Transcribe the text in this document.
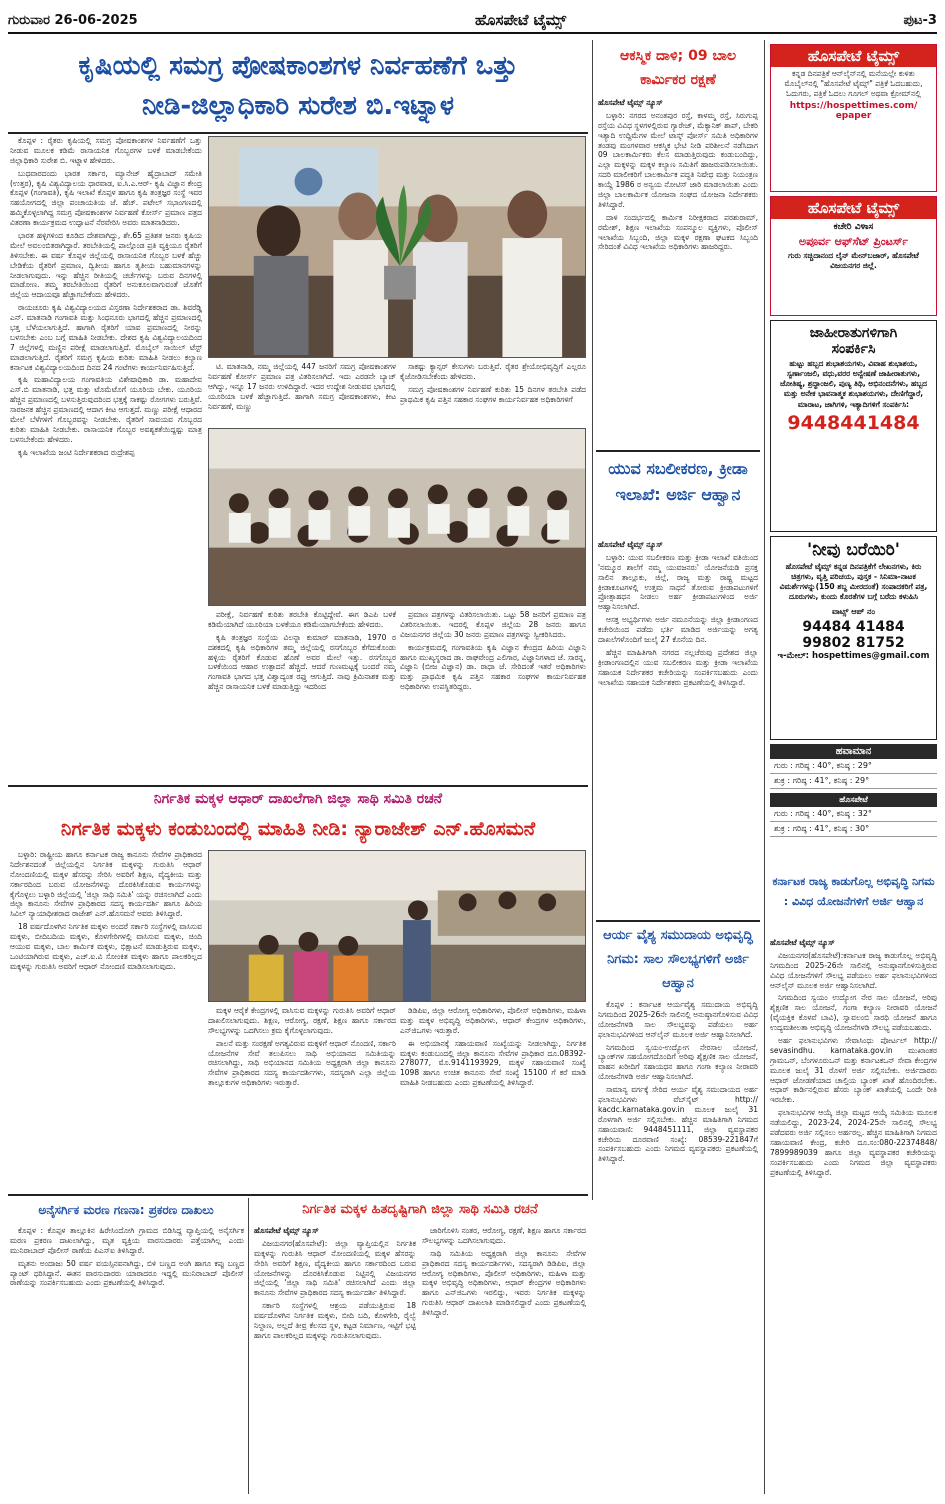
ಗುರುವಾರ 26-06-2025	ಹೊಸಪೇಟೆ ಟೈಮ್ಸ್	ಪುಟ-3
ಕೃಷಿಯಲ್ಲಿ ಸಮಗ್ರ ಪೋಷಕಾಂಶಗಳ ನಿರ್ವಹಣೆಗೆ ಒತ್ತು
ನೀಡಿ-ಜಿಲ್ಲಾಧಿಕಾರಿ ಸುರೇಶ ಬಿ.ಇಟ್ನಾಳ

ಕೊಪ್ಪಳ : ರೈತರು ಕೃಷಿಯಲ್ಲಿ ಸಮಗ್ರ ಪೋಷಕಾಂಶಗಳ ನಿರ್ವಹಣೆಗೆ ಒತ್ತು ನೀಡುವ ಮೂಲಕ ಕಡಿಮೆ ರಾಸಾಯನಿಕ ಗೊಬ್ಬರಗಳ ಬಳಕೆ ಮಾಡಬೇಕೆಂದು ಜಿಲ್ಲಾಧಿಕಾರಿ ಸುರೇಶ ಬಿ. ಇಟ್ನಾಳ ಹೇಳಿದರು.

ಬುಧವಾರದಂದು ಭಾರತ ಸರ್ಕಾರ, ಮ್ಯಾನೇಜ್ ಹೈದ್ರಾಬಾದ್ ಸಮೇತಿ (ಉತ್ತರ), ಕೃಷಿ ವಿಶ್ವವಿದ್ಯಾಲಯ ಧಾರವಾಡ, ಐ.ಸಿ.ಎ.ಆರ್- ಕೃಷಿ ವಿಜ್ಞಾನ ಕೇಂದ್ರ ಕೊಪ್ಪಳ (ಗಂಗಾವತಿ), ಕೃಷಿ ಇಲಾಖೆ ಕೊಪ್ಪಳ ಹಾಗೂ ಕೃಷಿ ತಂತ್ರಜ್ಞರ ಸಂಸ್ಥೆ ಇವರ ಸಹಯೋಗದಲ್ಲಿ ಜಿಲ್ಲಾ ಪಂಚಾಯತಿಯ ಜೆ. ಹೆಚ್. ಪಟೇಲ್ ಸಭಾಂಗಣದಲ್ಲಿ ಹಮ್ಮಿಕೊಳ್ಳಲಾಗಿದ್ದ ಸಮಗ್ರ ಪೋಷಕಾಂಶಗಳ ನಿರ್ವಹಣೆ ಕೋರ್ಸ್ ಪ್ರಮಾಣ ಪತ್ರದ ವಿತರಣಾ ಕಾರ್ಯಕ್ರಮದ ಉದ್ಘಾಟನೆ ನೆರವೇರಿಸಿ ಅವರು ಮಾತನಾಡಿದರು.

ಭಾರತ ಹಳ್ಳಿಗಳಿಂದ ಕೂಡಿದ ದೇಶವಾಗಿದ್ದು, ಶೇ.65 ಪ್ರತಿಶತ ಜನರು ಕೃಷಿಯ ಮೇಲೆ ಅವಲಂಬಿತರಾಗಿದ್ದಾರೆ. ತರಬೇತಿಯಲ್ಲಿ ಪಾಲ್ಗೊಂಡ ಪ್ರತಿ ವ್ಯಕ್ತಿಯೂ ರೈತರಿಗೆ ತಿಳಿಸಬೇಕು. ಈ ವರ್ಷ ಕೊಪ್ಪಳ ಜಿಲ್ಲೆಯಲ್ಲಿ ರಾಸಾಯನಿಕ ಗೊಬ್ಬರ ಬಳಕೆ ಹೆಚ್ಚು ಬೇಡಿಕೆಯ ರೈತರಿಗೆ ಪ್ರಮಾಣ, ದ್ವಿತೀಯ ಹಾಗೂ ತೃತೀಯ ಬಹುಮಾನಗಳನ್ನು ನೀಡಲಾಗುವುದು. ಇನ್ನು ಹೆಚ್ಚಿನ ರೀತಿಯಲ್ಲಿ ಚರ್ಚೆಗಳನ್ನು ಬರುವ ದಿನಗಳಲ್ಲಿ ಮಾಡೋಣ. ತಮ್ಮ ತರಬೇತಿಯಿಂದ ರೈತರಿಗೆ ಅನುಕೂಲವಾಗುವಂತೆ ಜೊತೆಗೆ ಜಿಲ್ಲೆಯ ಆದಾಯವೂ ಹೆಚ್ಚಾಗಬೇಕೆಂದು ಹೇಳಿದರು.

ರಾಯಚೂರು ಕೃಷಿ ವಿಶ್ವವಿದ್ಯಾಲಯದ ವಿಸ್ತರಣಾ ನಿರ್ದೇಶಕರಾದ ಡಾ. ಶಿವರೆಡ್ಡಿ ಎನ್. ಮಾತನಾಡಿ ಗಂಗಾವತಿ ಮತ್ತು ಸಿಂಧನೂರು ಭಾಗದಲ್ಲಿ ಹೆಚ್ಚಿನ ಪ್ರಮಾಣದಲ್ಲಿ ಭತ್ತ ಬೆಳೆಯಲಾಗುತ್ತಿದೆ. ಹಾಗಾಗಿ ರೈತರಿಗೆ ಯಾವ ಪ್ರಮಾಣದಲ್ಲಿ ನೀರನ್ನು ಬಳಸಬೇಕು ಎಂಬ ಬಗ್ಗೆ ಮಾಹಿತಿ ನೀಡಬೇಕು. ದೇಶದ ಕೃಷಿ ವಿಶ್ವವಿದ್ಯಾಲಯದಿಂದ 7 ಜಿಲ್ಲೆಗಳಲ್ಲಿ ಮಣ್ಣಿನ ಪರೀಕ್ಷೆ ಮಾಡಲಾಗುತ್ತಿದೆ. ಮೊಬೈಲ್ ಸಾಯಿಲ್ ಟೆಸ್ಟ್ ಮಾಡಲಾಗುತ್ತಿದೆ. ರೈತರಿಗೆ ಸಮಗ್ರ ಕೃಷಿಯ ಕುರಿತು ಮಾಹಿತಿ ನೀಡಲು ಕಲ್ಯಾಣ ಕರ್ನಾಟಕ ವಿಶ್ವವಿದ್ಯಾಲಯದಿಂದ ದಿನದ 24 ಗಂಟೆಗಳು ಕಾರ್ಯನಿರ್ವಹಿಸುತ್ತಿದೆ.

ಕೃಷಿ ಮಹಾವಿದ್ಯಾಲಯ ಗಂಗಾವತಿಯ ವಿಶೇಷಾಧಿಕಾರಿ ಡಾ. ಮಹಾದೇವ ಎಸ್.ಬಿ ಮಾತನಾಡಿ, ಭತ್ತ ಮತ್ತು ಟೊಮೆಟೊಗೆ ಯೂರಿಯ ಬೇಕು. ಯೂರಿಯ ಹೆಚ್ಚಿನ ಪ್ರಮಾಣದಲ್ಲಿ ಬಳಸುತ್ತಿರುವುದರಿಂದ ಭತ್ತಕ್ಕೆ ಸಾಕಷ್ಟು ರೋಗಗಳು ಬರುತ್ತಿವೆ. ಸಾರಜನಕ ಹೆಚ್ಚಿನ ಪ್ರಮಾಣದಲ್ಲಿ ಆದಾಗ ಕೀಟ ಆಗುತ್ತದೆ. ಮಣ್ಣು ಪರೀಕ್ಷೆ ಆಧಾರದ ಮೇಲೆ ಬೆಳೆಗಳಿಗೆ ಗೊಬ್ಬರವನ್ನು ನೀಡಬೇಕು. ರೈತರಿಗೆ ಸಾವಯವ ಗೊಬ್ಬರದ ಕುರಿತು ಮಾಹಿತಿ ನೀಡಬೇಕು. ರಾಸಾಯನಿಕ ಗೊಬ್ಬರ ಅವಶ್ಯಕತೆಯಿದ್ದಷ್ಟು ಮಾತ್ರ ಬಳಸಬೇಕೆಂದು ಹೇಳಿದರು.

ಕೃಷಿ ಇಲಾಖೆಯ ಜಂಟಿ ನಿರ್ದೇಶಕರಾದ ರುದ್ರೇಶಪ್ಪ

ಟಿ. ಮಾತನಾಡಿ, ನಮ್ಮ ಜಿಲ್ಲೆಯಲ್ಲಿ 447 ಜನರಿಗೆ ಸಮಗ್ರ ಪೋಷಕಾಂಶಗಳ ನಿರ್ವಹಣೆ ಕೋರ್ಸ್ ಪ್ರಮಾಣ ಪತ್ರ ವಿತರಿಸಲಾಗಿದೆ. ಇದು ಎರಡನೇ ಬ್ಯಾಚ್ ಆಗಿದ್ದು, ಇನ್ನೂ 17 ಜನರು ಉಳಿದಿದ್ದಾರೆ. ಇದರ ಉದ್ದೇಶ ನೀಡುವವ ಭಾಗದಲ್ಲಿ ಯೂರಿಯಾ ಬಳಕೆ ಹೆಚ್ಚಾಗುತ್ತಿದೆ. ಹಾಗಾಗಿ ಸಮಗ್ರ ಪೋಷಕಾಂಶಗಳು, ಕೀಟ ನಿರ್ವಹಣೆ, ಮಣ್ಣು

ಸಾಕಷ್ಟು ಕ್ಯಾನ್ಸರ್ ಕೇಸುಗಳು ಬರುತ್ತಿವೆ. ರೈತರ ಶ್ರೇಯೋಭಿವೃದ್ಧಿಗೆ ಎಲ್ಲರೂ ಕೈಜೋಡಿಸಬೇಕೆಂದು ಹೇಳಿದರು.

ಸಮಗ್ರ ಪೋಷಕಾಂಶಗಳ ನಿರ್ವಹಣೆ ಕುರಿತು 15 ದಿನಗಳ ತರಬೇತಿ ಪಡೆದ ಪ್ರಾಥಮಿಕ ಕೃಷಿ ಪತ್ತಿನ ಸಹಕಾರ ಸಂಘಗಳ ಕಾರ್ಯನಿರ್ವಹಕ ಅಧಿಕಾರಿಗಳಿಗೆ

ಪರೀಕ್ಷೆ, ನಿರ್ವಹಣೆ ಕುರಿತು ತರಬೇತಿ ಕೊಟ್ಟಿದ್ದೇವೆ. ಈಗ ಡಿಎಪಿ ಬಳಕೆ ಕಡಿಮೆಯಾಗಿದೆ ಯೂರಿಯಾ ಬಳಕೆಯೂ ಕಡಿಮೆಯಾಗಬೇಕೆಂದು ಹೇಳಿದರು.

ಕೃಷಿ ತಂತ್ರಜ್ಞರ ಸಂಸ್ಥೆಯ ವಿಲನ್ನಾ ಕುಮಾರ್ ಮಾತನಾಡಿ, 1970 ರ ದಶಕದಲ್ಲಿ ಕೃಷಿ ಅಧಿಕಾರಿಗಳ ತಮ್ಮ ಜಿಲ್ಲೆಯಲ್ಲಿ ರಸಗೊಬ್ಬರ ಕೆಗೆದುಕೊಂಡು ಹಳ್ಳಿಯ ರೈತರಿಗೆ ಕೊಡುವ ಹೊಣೆ ಅವರ ಮೇಲೆ ಇತ್ತು. ರಸಗೊಬ್ಬರ ಬಳಕೆಯಿಂದ ಆಹಾರ ಉತ್ಪಾದನೆ ಹೆಚ್ಚಿದೆ. ಆದರೆ ಗುಣಮಟ್ಟಕ್ಕೆ ಬಂದರೆ ನಮ್ಮ ಗಂಗಾವತಿ ಭಾಗದ ಭತ್ತ ವಿಶ್ವಾದ್ಯಂತ ರಫ್ತು ಆಗುತ್ತಿದೆ. ನಾವು ಕ್ರಿಮಿನಾಶಕ ಮತ್ತು ಹೆಚ್ಚಿನ ರಾಸಾಯನಿಕ ಬಳಕೆ ಮಾಡುತ್ತಿದ್ದು ಇದರಿಂದ

ಪ್ರಮಾಣ ಪತ್ರಗಳನ್ನು ವಿತರಿಸಲಾಯಿತು. ಒಟ್ಟು 58 ಜನರಿಗೆ ಪ್ರಮಾಣ ಪತ್ರ ವಿತರಿಸಲಾಯಿತು. ಇದರಲ್ಲಿ ಕೊಪ್ಪಳ ಜಿಲ್ಲೆಯ 28 ಜನರು ಹಾಗೂ ವಿಜಯನಗರ ಜಿಲ್ಲೆಯ 30 ಜನರು ಪ್ರಮಾಣ ಪತ್ರಗಳನ್ನು ಸ್ವೀಕರಿಸಿದರು.

ಕಾರ್ಯಕ್ರಮದಲ್ಲಿ ಗಂಗಾವತಿಯ ಕೃಷಿ ವಿಜ್ಞಾನ ಕೇಂದ್ರದ ಹಿರಿಯ ವಿಜ್ಞಾನಿ ಹಾಗೂ ಮುಖ್ಯಸ್ಥರಾದ ಡಾ. ರಾಘವೇಂದ್ರ ಎಲಿಗಾರ, ವಿಜ್ಞಾನಿಗಳಾದ ಜೆ. ಸಾರನ್ನ, ವಿಜ್ಞಾನಿ (ಬೀಜ ವಿಜ್ಞಾನ) ಡಾ. ರಾಧಾ ಜೆ. ಸೇರಿದಂತೆ ಇತರೆ ಅಧಿಕಾರಿಗಳು ಮತ್ತು ಪ್ರಾಥಮಿಕ ಕೃಷಿ ಪತ್ತಿನ ಸಹಕಾರ ಸಂಘಗಳ ಕಾರ್ಯನಿರ್ವಹಕ ಅಧಿಕಾರಿಗಳು ಉಪಸ್ಥಿತರಿದ್ದರು.

ಆಕಸ್ಮಿಕ ದಾಳಿ; 09 ಬಾಲ ಕಾರ್ಮಿಕರ ರಕ್ಷಣೆ

ಹೊಸಪೇಟೆ ಟೈಮ್ಸ್ ನ್ಯೂಸ್

ಬಳ್ಳಾರಿ: ನಗರದ ಅನಂತಪುರ ರಸ್ತೆ, ಕಾಳಮ್ಮ ರಸ್ತೆ, ಸಿರುಗುಪ್ಪ ರಸ್ತೆಯ ವಿವಿಧ ಸ್ಥಳಗಳಲ್ಲಿರುವ ಗ್ಯಾರೇಜ್, ಮೆಕ್ಯಾನಿಕ್ ಶಾಪ್, ಬೇಕರಿ ಇತ್ಯಾದಿ ಉದ್ದಿಮೆಗಳ ಮೇಲೆ ಟಾಸ್ಕ್ ಪೋರ್ಸ್ ಸಮಿತಿ ಅಧಿಕಾರಿಗಳ ತಂಡವು ಮಂಗಳವಾರ ಆಕಸ್ಮಿಕ ಭೇಟಿ ನೀಡಿ ಪರಿಶೀಲನೆ ನಡೆಸಿದಾಗ 09 ಬಾಲಕಾರ್ಮಿಕರು ಕೆಲಸ ಮಾಡುತ್ತಿರುವುದು ಕಂಡುಬಂದಿದ್ದು, ಎಲ್ಲಾ ಮಕ್ಕಳನ್ನು ಮಕ್ಕಳ ಕಲ್ಯಾಣ ಸಮಿತಿಗೆ ಹಾಜರುಪಡಿಸಲಾಯಿತು. ಸದರಿ ಮಾಲೀಕರಿಗೆ ಬಾಲಕಾರ್ಮಿಕ ಪದ್ಧತಿ ನಿಷೇಧ ಮತ್ತು ನಿಯಂತ್ರಣ ಕಾಯ್ದೆ 1986 ರ ಅನ್ವಯ ನೋಟಿಸ್ ಜಾರಿ ಮಾಡಲಾಯಿತು ಎಂದು ಜಿಲ್ಲಾ ಬಾಲಕಾರ್ಮಿಕ ಯೋಜನಾ ಸಂಘದ ಯೋಜನಾ ನಿರ್ದೇಶಕರು ತಿಳಿಸಿದ್ದಾರೆ.

ದಾಳಿ ಸಂದರ್ಭದಲ್ಲಿ ಕಾರ್ಮಿಕ ನಿರೀಕ್ಷಕರಾದ ಪರಶುರಾಮ್, ರಮೇಶ್, ಶಿಕ್ಷಣ ಇಲಾಖೆಯ ಸಂಪನ್ಮೂಲ ವ್ಯಕ್ತಿಗಳು, ಪೊಲೀಸ್ ಇಲಾಖೆಯ ಸಿಬ್ಬಂದಿ, ಜಿಲ್ಲಾ ಮಕ್ಕಳ ರಕ್ಷಣಾ ಘಟಕದ ಸಿಬ್ಬಂದಿ ಸೇರಿದಂತೆ ವಿವಿಧ ಇಲಾಖೆಯ ಅಧಿಕಾರಿಗಳು ಹಾಜರಿದ್ದರು.

ಯುವ ಸಬಲೀಕರಣ, ಕ್ರೀಡಾ ಇಲಾಖೆ: ಅರ್ಜಿ ಆಹ್ವಾನ

ಹೊಸಪೇಟೆ ಟೈಮ್ಸ್ ನ್ಯೂಸ್

ಬಳ್ಳಾರಿ: ಯುವ ಸಬಲೀಕರಣ ಮತ್ತು ಕ್ರೀಡಾ ಇಲಾಖೆ ವತಿಯಿಂದ 'ನಮ್ಮೂರ ಶಾಲೆಗೆ ನಮ್ಮ ಯುವಜನರು' ಯೋಜನೆಯಡಿ ಪ್ರಸಕ್ತ ಸಾಲಿನ ತಾಲ್ಲೂಕು, ಜಿಲ್ಲೆ, ರಾಜ್ಯ ಮತ್ತು ರಾಷ್ಟ್ರ ಮಟ್ಟದ ಕ್ರೀಡಾಕೂಟಗಳಲ್ಲಿ ಉತ್ತಮ ಸಾಧನೆ ತೋರುವ ಕ್ರೀಡಾಪಟುಗಳಿಗೆ ಪ್ರೋತ್ಸಾಹಧನ ನೀಡಲು ಅರ್ಹ ಕ್ರೀಡಾಪಟುಗಳಿಂದ ಅರ್ಜಿ ಆಹ್ವಾನಿಸಲಾಗಿದೆ.

ಆಸಕ್ತ ಅಭ್ಯರ್ಥಿಗಳು ಅರ್ಜಿ ನಮೂನೆಯನ್ನು ಜಿಲ್ಲಾ ಕ್ರೀಡಾಂಗಣದ ಕಚೇರಿಯಿಂದ ಪಡೆದು ಭರ್ತಿ ಮಾಡಿದ ಅರ್ಜಿಯನ್ನು ಅಗತ್ಯ ದಾಖಲೆಗಳೊಂದಿಗೆ ಜುಲೈ 27 ಕೊನೆಯ ದಿನ.

ಹೆಚ್ಚಿನ ಮಾಹಿತಿಗಾಗಿ ನಗರದ ನಲ್ಲಚೆರುವು ಪ್ರದೇಶದ ಜಿಲ್ಲಾ ಕ್ರೀಡಾಂಗಣದಲ್ಲಿನ ಯುವ ಸಬಲೀಕರಣ ಮತ್ತು ಕ್ರೀಡಾ ಇಲಾಖೆಯ ಸಹಾಯಕ ನಿರ್ದೇಶಕರ ಕಚೇರಿಯನ್ನು ಸಂಪರ್ಕಿಸಬಹುದು ಎಂದು ಇಲಾಖೆಯ ಸಹಾಯಕ ನಿರ್ದೇಶಕರು ಪ್ರಕಟಣೆಯಲ್ಲಿ ತಿಳಿಸಿದ್ದಾರೆ.

ಆರ್ಯ ವೈಶ್ಯ ಸಮುದಾಯ ಅಭಿವೃದ್ಧಿ ನಿಗಮ: ಸಾಲ ಸೌಲಭ್ಯಗಳಿಗೆ ಅರ್ಜಿ ಆಹ್ವಾನ

ಕೊಪ್ಪಳ : ಕರ್ನಾಟಕ ಆರ್ಯವೈಶ್ಯ ಸಮುದಾಯ ಅಭಿವೃದ್ಧಿ ನಿಗಮದಿಂದ 2025-26ನೇ ಸಾಲಿನಲ್ಲಿ ಅನುಷ್ಠಾನಗೊಳಿಸುವ ವಿವಿಧ ಯೋಜನೆಗಳಡಿ ಸಾಲ ಸೌಲಭ್ಯವನ್ನು ಪಡೆಯಲು ಅರ್ಹ ಫಲಾನುಭವಿಗಳಿಂದ ಆನ್‌ಲೈನ್ ಮೂಲಕ ಅರ್ಜಿ ಆಹ್ವಾನಿಸಲಾಗಿದೆ.

ನಿಗಮದಿಂದ ಸ್ವಯಂ-ಉದ್ಯೋಗ ನೇರಸಾಲ ಯೋಜನೆ, ಬ್ಯಾಂಕ್‌ಗಳ ಸಹಯೋಗದೊಂದಿಗೆ ಅರಿವು ಶೈಕ್ಷಣಿಕ ಸಾಲ ಯೋಜನೆ, ವಾಹನ ಖರೀದಿಗೆ ಸಹಾಯಧನ ಹಾಗೂ ಗಂಗಾ ಕಲ್ಯಾಣ ನೀರಾವರಿ ಯೋಜನೆಗಳಡಿ ಅರ್ಜಿ ಆಹ್ವಾನಿಸಲಾಗಿದೆ.

ಸಾಮಾನ್ಯ ವರ್ಗಕ್ಕೆ ಸೇರಿದ ಆರ್ಯ ವೈಶ್ಯ ಸಮುದಾಯದ ಅರ್ಹ ಫಲಾನುಭವಿಗಳು ವೆಬ್‌ಸೈಟ್ http:// kacdc.karnataka.gov.in ಮೂಲಕ ಜುಲೈ 31 ರೊಳಗಾಗಿ ಅರ್ಜಿ ಸಲ್ಲಿಸಬೇಕು. ಹೆಚ್ಚಿನ ಮಾಹಿತಿಗಾಗಿ ನಿಗಮದ ಸಹಾಯವಾಣಿ: 9448451111, ಜಿಲ್ಲಾ ವ್ಯವಸ್ಥಾಪಕರ ಕಚೇರಿಯ ದೂರವಾಣಿ ಸಂಖ್ಯೆ: 08539-221847ಗೆ ಸಂಪರ್ಕಿಸಬಹುದು ಎಂದು ನಿಗಮದ ವ್ಯವಸ್ಥಾಪಕರು ಪ್ರಕಟಣೆಯಲ್ಲಿ ತಿಳಿಸಿದ್ದಾರೆ.

ನಿರ್ಗತಿಕ ಮಕ್ಕಳ ಆಧಾರ್ ದಾಖಲೆಗಾಗಿ ಜಿಲ್ಲಾ ಸಾಥಿ ಸಮಿತಿ ರಚನೆ
ನಿರ್ಗತಿಕ ಮಕ್ಕಳು ಕಂಡುಬಂದಲ್ಲಿ ಮಾಹಿತಿ ನೀಡಿ: ನ್ಯಾರಾಜೇಶ್ ಎನ್.ಹೊಸಮನೆ

ಬಳ್ಳಾರಿ: ರಾಷ್ಟ್ರೀಯ ಹಾಗೂ ಕರ್ನಾಟಕ ರಾಜ್ಯ ಕಾನೂನು ಸೇವೆಗಳ ಪ್ರಾಧಿಕಾರದ ನಿರ್ದೇಶನದಂತೆ ಜಿಲ್ಲೆಯಲ್ಲಿನ ನಿರ್ಗತಿಕ ಮಕ್ಕಳನ್ನು ಗುರುತಿಸಿ ಆಧಾರ್ ನೋಂದಣಿಯಲ್ಲಿ ಮಕ್ಕಳ ಹೆಸರನ್ನು ಸೇರಿಸಿ ಅವರಿಗೆ ಶಿಕ್ಷಣ, ವೈದ್ಯಕೀಯ ಮತ್ತು ಸರ್ಕಾರದಿಂದ ಬರುವ ಯೋಜನೆಗಳನ್ನು ದೊರಕಿಸಿಕೊಡುವ ಕಾರ್ಯಗಳನ್ನು ಕೈಗೊಳ್ಳಲು ಬಳ್ಳಾರಿ ಜಿಲ್ಲೆಯಲ್ಲಿ 'ಜಿಲ್ಲಾ ಸಾಥಿ ಸಮಿತಿ' ಯನ್ನು ರಚಿಸಲಾಗಿದೆ ಎಂದು ಜಿಲ್ಲಾ ಕಾನೂನು ಸೇವೆಗಳ ಪ್ರಾಧಿಕಾರದ ಸದಸ್ಯ ಕಾರ್ಯದರ್ಶಿ ಹಾಗೂ ಹಿರಿಯ ಸಿವಿಲ್ ನ್ಯಾಯಾಧೀಶರಾದ ರಾಜೇಶ್ ಎನ್.ಹೊಸಮನೆ ಅವರು ತಿಳಿಸಿದ್ದಾರೆ.

18 ವರ್ಷದೊಳಗಿನ ನಿರ್ಗತಿಕ ಮಕ್ಕಳು ಅಂದರೆ ಸರ್ಕಾರಿ ಸಂಸ್ಥೆಗಳಲ್ಲಿ ವಾಸಿಸುವ ಮಕ್ಕಳು, ಬೀದಿಬದಿಯ ಮಕ್ಕಳು, ಕೊಳಗೇರಿಗಳಲ್ಲಿ ವಾಸಿಸುವ ಮಕ್ಕಳು, ಚಿಂದಿ ಆಯುವ ಮಕ್ಕಳು, ಬಾಲ ಕಾರ್ಮಿಕ ಮಕ್ಕಳು, ಭಿಕ್ಷಾಟನೆ ಮಾಡುತ್ತಿರುವ ಮಕ್ಕಳು, ಒಂಟಿಯಾಗಿರುವ ಮಕ್ಕಳು, ಎಚ್.ಐ.ವಿ ಸೋಂಕಿತ ಮಕ್ಕಳು ಹಾಗೂ ಪಾಲಕರಿಲ್ಲದ ಮಕ್ಕಳನ್ನು ಗುರುತಿಸಿ ಅವರಿಗೆ ಆಧಾರ್ ನೋಂದಣಿ ಮಾಡಿಸಲಾಗುವುದು.

ಮಕ್ಕಳ ಆರೈಕೆ ಕೇಂದ್ರಗಳಲ್ಲಿ ವಾಸಿಸುವ ಮಕ್ಕಳನ್ನು ಗುರುತಿಸಿ ಅವರಿಗೆ ಆಧಾರ್ ದಾಖಲಿಸಲಾಗುವುದು. ಶಿಕ್ಷಣ, ಆರೋಗ್ಯ, ರಕ್ಷಣೆ, ಶಿಕ್ಷಣ ಹಾಗೂ ಸರ್ಕಾರದ ಸೌಲಭ್ಯಗಳನ್ನು ಒದಗಿಸಲು ಕ್ರಮ ಕೈಗೊಳ್ಳಲಾಗುವುದು.

ಪಾಲನೆ ಮತ್ತು ಸಂರಕ್ಷಣೆ ಅಗತ್ಯವಿರುವ ಮಕ್ಕಳಿಗೆ ಆಧಾರ್ ನೊಂದಣಿ, ಸರ್ಕಾರಿ ಯೋಜನೆಗಳ ಸೇವೆ ತಲುಪಿಸಲು ಸಾಥಿ ಅಭಿಯಾನದ ಸಮಿತಿಯನ್ನು ರಚಿಸಲಾಗಿದ್ದು, ಸಾಥಿ ಅಭಿಯಾನದ ಸಮಿತಿಯ ಅಧ್ಯಕ್ಷರಾಗಿ ಜಿಲ್ಲಾ ಕಾನೂನು ಸೇವೆಗಳ ಪ್ರಾಧಿಕಾರದ ಸದಸ್ಯ ಕಾರ್ಯದರ್ಶಿಗಳು, ಸದಸ್ಯರಾಗಿ ಎಲ್ಲಾ ಜಿಲ್ಲೆಯ ತಾಲ್ಲೂಕುಗಳ ಅಧಿಕಾರಿಗಳು ಇರುತ್ತಾರೆ.

ಡಿಡಿಪಿಐ, ಜಿಲ್ಲಾ ಆರೋಗ್ಯ ಅಧಿಕಾರಿಗಳು, ಪೊಲೀಸ್ ಅಧಿಕಾರಿಗಳು, ಮಹಿಳಾ ಮತ್ತು ಮಕ್ಕಳ ಅಭಿವೃದ್ಧಿ ಅಧಿಕಾರಿಗಳು, ಆಧಾರ್ ಕೇಂದ್ರಗಳ ಅಧಿಕಾರಿಗಳು, ಎನ್‌ಜಿಒಗಳು ಇರುತ್ತಾರೆ.

ಈ ಅಭಿಯಾನಕ್ಕೆ ಸಹಾಯವಾಣಿ ಸಂಖ್ಯೆಯನ್ನು ನೀಡಲಾಗಿದ್ದು, ನಿರ್ಗತಿಕ ಮಕ್ಕಳು ಕಂಡುಬಂದಲ್ಲಿ ಜಿಲ್ಲಾ ಕಾನೂನು ಸೇವೆಗಳ ಪ್ರಾಧಿಕಾರ ದೂ.08392-278077, ಮೊ.9141193929, ಮಕ್ಕಳ ಸಹಾಯವಾಣಿ ಸಂಖ್ಯೆ 1098 ಹಾಗೂ ಉಚಿತ ಕಾನೂನು ಸೇವೆ ಸಂಖ್ಯೆ 15100 ಗೆ ಕರೆ ಮಾಡಿ ಮಾಹಿತಿ ನೀಡಬಹುದು ಎಂದು ಪ್ರಕಟಣೆಯಲ್ಲಿ ತಿಳಿಸಿದ್ದಾರೆ.

ಅನೈಸರ್ಗಿಕ ಮರಣ ಗಣನಾ: ಪ್ರಕರಣ ದಾಖಲು

ಕೊಪ್ಪಳ : ಕೊಪ್ಪಳ ತಾಲ್ಲೂಕಿನ ಹಿರೇಸಿಂದೋಗಿ ಗ್ರಾಮದ ಬಿಡಿಸಿದ್ದ ವ್ಯಾಪ್ತಿಯಲ್ಲಿ ಅನೈಸರ್ಗಿಕ ಮರಣ ಪ್ರಕರಣ ದಾಖಲಾಗಿದ್ದು, ಮೃತ ವ್ಯಕ್ತಿಯ ವಾರಸುದಾರರು ಪತ್ತೆಯಾಗಿಲ್ಲ ಎಂದು ಮುನಿರಾಬಾದ್ ಪೊಲೀಸ್ ಠಾಣೆಯ ಪಿಎಸ್‌ಐ ತಿಳಿಸಿದ್ದಾರೆ.

ಮೃತನು ಅಂದಾಜು 50 ವರ್ಷ ವಯಸ್ಸಿನವನಾಗಿದ್ದು, ಬಿಳಿ ಬಣ್ಣದ ಅಂಗಿ ಹಾಗೂ ಕಪ್ಪು ಬಣ್ಣದ ಪ್ಯಾಂಟ್ ಧರಿಸಿದ್ದಾನೆ. ಈತನ ವಾರಸುದಾರರು ಯಾರಾದರೂ ಇದ್ದಲ್ಲಿ ಮುನಿರಾಬಾದ್ ಪೊಲೀಸ್ ಠಾಣೆಯನ್ನು ಸಂಪರ್ಕಿಸಬಹುದು ಎಂದು ಪ್ರಕಟಣೆಯಲ್ಲಿ ತಿಳಿಸಿದ್ದಾರೆ.

ನಿರ್ಗತಿಕ ಮಕ್ಕಳ ಹಿತದೃಷ್ಟಿಗಾಗಿ ಜಿಲ್ಲಾ ಸಾಥಿ ಸಮಿತಿ ರಚನೆ

ಹೊಸಪೇಟೆ ಟೈಮ್ಸ್ ನ್ಯೂಸ್

ವಿಜಯನಗರ(ಹೊಸಪೇಟೆ): ಜಿಲ್ಲಾ ವ್ಯಾಪ್ತಿಯಲ್ಲಿನ ನಿರ್ಗತಿಕ ಮಕ್ಕಳನ್ನು ಗುರುತಿಸಿ ಆಧಾರ್ ನೋಂದಣಿಯಲ್ಲಿ ಮಕ್ಕಳ ಹೆಸರನ್ನು ಸೇರಿಸಿ ಅವರಿಗೆ ಶಿಕ್ಷಣ, ವೈದ್ಯಕೀಯ ಹಾಗೂ ಸರ್ಕಾರದಿಂದ ಬರುವ ಯೋಜನೆಗಳನ್ನು ದೊರಕಿಸಿಕೊಡುವ ನಿಟ್ಟಿನಲ್ಲಿ ವಿಜಯನಗರ ಜಿಲ್ಲೆಯಲ್ಲಿ 'ಜಿಲ್ಲಾ ಸಾಥಿ ಸಮಿತಿ' ರಚಿಸಲಾಗಿದೆ ಎಂದು ಜಿಲ್ಲಾ ಕಾನೂನು ಸೇವೆಗಳ ಪ್ರಾಧಿಕಾರದ ಸದಸ್ಯ ಕಾರ್ಯದರ್ಶಿ ತಿಳಿಸಿದ್ದಾರೆ.

ಸರ್ಕಾರಿ ಸಂಸ್ಥೆಗಳಲ್ಲಿ ಆಶ್ರಯ ಪಡೆಯುತ್ತಿರುವ 18 ವರ್ಷದೊಳಗಿನ ನಿರ್ಗತಿಕ ಮಕ್ಕಳು, ಬೀದಿ ಬದಿ, ಕೊಳಗೇರಿ, ರೈಲ್ವೆ ನಿಲ್ದಾಣ, ಅಲ್ಲದೆ ತೀವ್ರ ಕೆಲಸದ ಸ್ಥಳ, ಕಟ್ಟಡ ನಿರ್ಮಾಣ, ಇಟ್ಟಿಗೆ ಭಟ್ಟಿ ಹಾಗೂ ಪಾಲಕರಿಲ್ಲದ ಮಕ್ಕಳನ್ನು ಗುರುತಿಸಲಾಗುವುದು.

ಜಾರಿಗೊಳಿಸಿ ನಂತರ, ಆರೋಗ್ಯ, ರಕ್ಷಣೆ, ಶಿಕ್ಷಣ ಹಾಗೂ ಸರ್ಕಾರದ ಸೌಲಭ್ಯಗಳನ್ನು ಒದಗಿಸಲಾಗುವುದು.

ಸಾಥಿ ಸಮಿತಿಯ ಅಧ್ಯಕ್ಷರಾಗಿ ಜಿಲ್ಲಾ ಕಾನೂನು ಸೇವೆಗಳ ಪ್ರಾಧಿಕಾರದ ಸದಸ್ಯ ಕಾರ್ಯದರ್ಶಿಗಳು, ಸದಸ್ಯರಾಗಿ ಡಿಡಿಪಿಐ, ಜಿಲ್ಲಾ ಆರೋಗ್ಯ ಅಧಿಕಾರಿಗಳು, ಪೊಲೀಸ್ ಅಧಿಕಾರಿಗಳು, ಮಹಿಳಾ ಮತ್ತು ಮಕ್ಕಳ ಅಭಿವೃದ್ಧಿ ಅಧಿಕಾರಿಗಳು, ಆಧಾರ್ ಕೇಂದ್ರಗಳ ಅಧಿಕಾರಿಗಳು ಹಾಗೂ ಎನ್‌ಜಿಒಗಳು ಇರಲಿದ್ದು, ಇವರು ನಿರ್ಗತಿಕ ಮಕ್ಕಳನ್ನು ಗುರುತಿಸಿ ಆಧಾರ್ ದಾಖಲಾತಿ ಮಾಡಿಸಲಿದ್ದಾರೆ ಎಂದು ಪ್ರಕಟಣೆಯಲ್ಲಿ ತಿಳಿಸಿದ್ದಾರೆ.

ಹೊಸಪೇಟೆ ಟೈಮ್ಸ್
ಕನ್ನಡ ದಿನಪತ್ರಿಕೆ ಆನ್‌ಲೈನ್‌ನಲ್ಲಿ ಮನೆಯಲ್ಲೇ ಕುಳಿತು ಮೊಬೈಲ್‌ನಲ್ಲಿ "ಹೊಸಪೇಟೆ ಟೈಮ್ಸ್" ಪತ್ರಿಕೆ ಓದಬಹುದು, ಓದುಗರು, ಪತ್ರಿಕೆ ಓದಲು ಗೂಗಲ್ ಅಥವಾ ಕ್ರೋಮ್‌ನಲ್ಲಿ
https://hospettimes.com/
epaper
ಹೊಸಪೇಟೆ ಟೈಮ್ಸ್
ಕಚೇರಿ ವಿಳಾಸ
ಅಪೂರ್ವ ಆಫ್‌ಸೆಟ್ ಪ್ರಿಂಟರ್ಸ್
ಗುರು ಸಚ್ಚಿದಾನಂದ ಲೈನ್ ಮೇನ್‌ಬಜಾರ್, ಹೊಸಪೇಟೆ ವಿಜಯನಗರ ಜಿಲ್ಲೆ.
ಜಾಹೀರಾತುಗಳಿಗಾಗಿ
ಸಂಪರ್ಕಿಸಿ
ಹುಟ್ಟು ಹಬ್ಬದ ಶುಭಾಶಯಗಳು, ವಿವಾಹ ಶುಭಾಶಯ, ಸ್ವರ್ಣಾಂಜಲಿ, ವಧು,ವರರ ಅನ್ವೇಷಣೆ ಜಾಹೀರಾತುಗಳು, ಜೋತಿಷ್ಯ, ಶ್ರದ್ಧಾಂಜಲಿ, ಪುಣ್ಯ ತಿಥಿ, ಅಭಿನಂದನೆಗಳು, ಹಬ್ಬದ ಮತ್ತು ಅನೇಕ ಭಾವನಾತ್ಮಕ ಶುಭಾಶಯಗಳು, ದೇಣಿಗೆದ್ದಾರೆ, ಮಾರಾಟ, ಜಾಗಿಗಳಿ, ಇತ್ಯಾದಿಗಳಿಗೆ ಸಂಪರ್ಕಿಸಿ:
9448441484
'ನೀವು ಬರೆಯಿರಿ'
ಹೊಸಪೇಟೆ ಟೈಮ್ಸ್ ಕನ್ನಡ ದಿನಪತ್ರಿಕೆಗೆ ಲೇಖನಗಳು, ಕಿರು ಚಿತ್ರಗಳು, ವೃತ್ತಿ ಪರಿಚಯ, ಪುಸ್ತಕ - ಸಿನಿಮಾ-ನಾಟಕ ವಿಮರ್ಶೆಗಳನ್ನು(150 ಶಬ್ದ ಮೀರದಂತೆ) ಸಂಪಾದಕರಿಗೆ ಪತ್ರ, ದೂರುಗಳು, ಕುಂದು ಕೊರತೆಗಳ ಬಗ್ಗೆ ಬರೆದು ಕಳುಹಿಸಿ
ವಾಟ್ಸ್ ಆಪ್ ನಂ
94484 41484
99802 81752
ಇ-ಮೇಲ್: hospettimes@gmail.com
ಹವಾಮಾನ
ಗುರು : ಗರಿಷ್ಠ : 40°, ಕನಿಷ್ಠ : 29°
ಶುಕ್ರ : ಗರಿಷ್ಠ : 41°, ಕನಿಷ್ಠ : 29°
ಹೊಸಪೇಟೆ
ಗುರು : ಗರಿಷ್ಠ : 40°, ಕನಿಷ್ಠ : 32°
ಶುಕ್ರ : ಗರಿಷ್ಠ : 41°, ಕನಿಷ್ಠ : 30°
ಕರ್ನಾಟಕ ರಾಜ್ಯ ಕಾಡುಗೊಲ್ಲ ಅಭಿವೃದ್ಧಿ ನಿಗಮ : ವಿವಿಧ ಯೋಜನೆಗಳಿಗೆ ಅರ್ಜಿ ಆಹ್ವಾನ

ಹೊಸಪೇಟೆ ಟೈಮ್ಸ್ ನ್ಯೂಸ್

ವಿಜಯನಗರ(ಹೊಸಪೇಟೆ):ಕರ್ನಾಟಕ ರಾಜ್ಯ ಕಾಡುಗೊಲ್ಲ ಅಭಿವೃದ್ಧಿ ನಿಗಮದಿಂದ 2025-26ನೇ ಸಾಲಿನಲ್ಲಿ ಅನುಷ್ಠಾನಗೊಳಿಸುತ್ತಿರುವ ವಿವಿಧ ಯೋಜನೆಗಳಿಗೆ ಸೌಲಭ್ಯ ಪಡೆಯಲು ಅರ್ಹ ಫಲಾನುಭವಿಗಳಿಂದ ಆನ್‌ಲೈನ್ ಮೂಲಕ ಅರ್ಜಿ ಆಹ್ವಾನಿಸಲಾಗಿದೆ.

ನಿಗಮದಿಂದ ಸ್ವಯಂ ಉದ್ಯೋಗ ನೇರ ಸಾಲ ಯೋಜನೆ, ಅರಿವು ಶೈಕ್ಷಣಿಕ ಸಾಲ ಯೋಜನೆ, ಗಂಗಾ ಕಲ್ಯಾಣ ನೀರಾವರಿ ಯೋಜನೆ (ವೈಯಕ್ತಿಕ ಕೊಳವೆ ಬಾವಿ), ಸ್ವಾವಲಂಬಿ ಸಾರಥಿ ಯೋಜನೆ ಹಾಗೂ ಉದ್ಯಮಶೀಲತಾ ಅಭಿವೃದ್ಧಿ ಯೋಜನೆಗಳಡಿ ಸೌಲಭ್ಯ ಪಡೆಯಬಹುದು.

ಅರ್ಹ ಫಲಾನುಭವಿಗಳು ಸೇವಾಸಿಂಧು ಪೋರ್ಟಲ್ http:// sevasindhu. karnataka.gov.in ಮುಖಾಂತರ ಗ್ರಾಮಒನ್, ಬೆಂಗಳೂರುಒನ್ ಮತ್ತು ಕರ್ನಾಟಕಒನ್ ಸೇವಾ ಕೇಂದ್ರಗಳ ಮೂಲಕ ಜುಲೈ 31 ರೊಳಗೆ ಅರ್ಜಿ ಸಲ್ಲಿಸಬೇಕು. ಅರ್ಜಿದಾರರು ಆಧಾರ್ ಜೋಡಣೆಯಾದ ಚಾಲ್ತಿಯ ಬ್ಯಾಂಕ್ ಖಾತೆ ಹೊಂದಿರಬೇಕು. ಆಧಾರ್ ಕಾರ್ಡಿನಲ್ಲಿರುವ ಹೆಸರು ಬ್ಯಾಂಕ್ ಖಾತೆಯಲ್ಲಿ ಒಂದೇ ರೀತಿ ಇರಬೇಕು.

ಫಲಾನುಭವಿಗಳ ಆಯ್ಕೆ ಜಿಲ್ಲಾ ಮಟ್ಟದ ಆಯ್ಕೆ ಸಮಿತಿಯ ಮೂಲಕ ನಡೆಯಲಿದ್ದು, 2023-24, 2024-25ನೇ ಸಾಲಿನಲ್ಲಿ ಸೌಲಭ್ಯ ಪಡೆದವರು ಅರ್ಜಿ ಸಲ್ಲಿಸಲು ಅರ್ಹರಲ್ಲ. ಹೆಚ್ಚಿನ ಮಾಹಿತಿಗಾಗಿ ನಿಗಮದ ಸಹಾಯವಾಣಿ ಕೇಂದ್ರ, ಕಚೇರಿ ದೂ.ಸಂ:080-22374848/ 7899989039 ಹಾಗೂ ಜಿಲ್ಲಾ ವ್ಯವಸ್ಥಾಪಕರ ಕಚೇರಿಯನ್ನು ಸಂಪರ್ಕಿಸಬಹುದು ಎಂದು ನಿಗಮದ ಜಿಲ್ಲಾ ವ್ಯವಸ್ಥಾಪಕರು ಪ್ರಕಟಣೆಯಲ್ಲಿ ತಿಳಿಸಿದ್ದಾರೆ.
